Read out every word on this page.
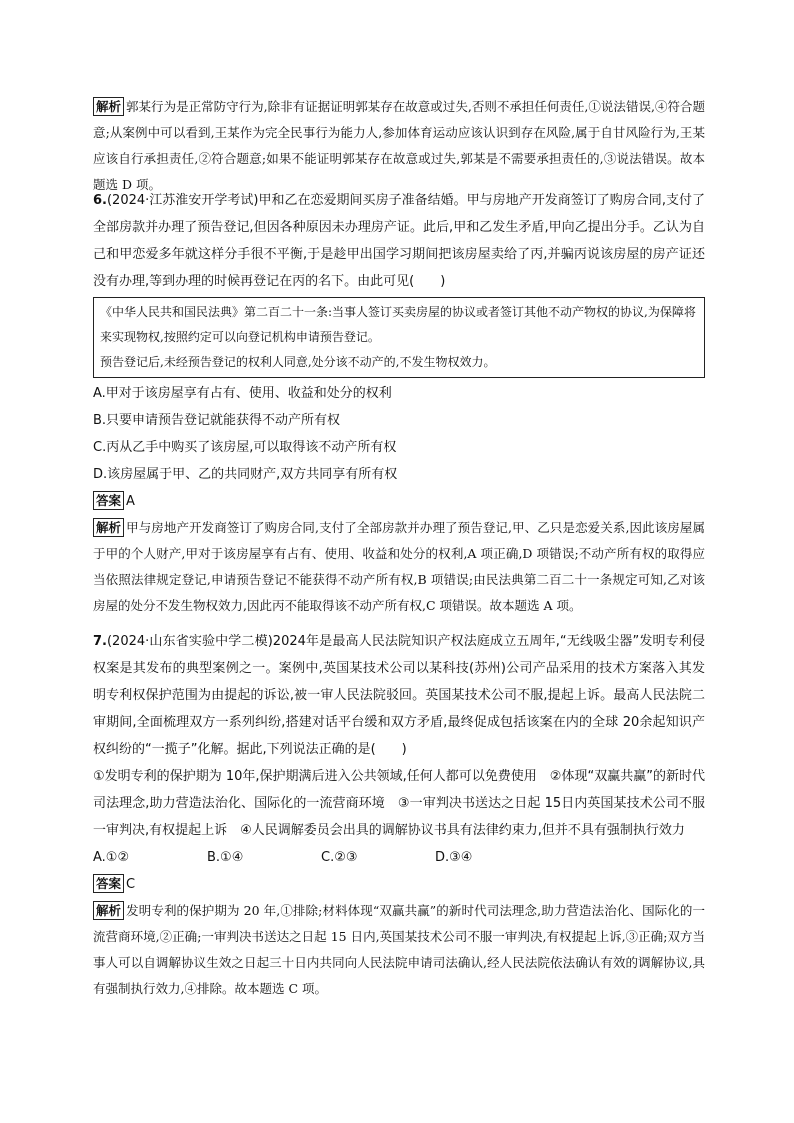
解析 郭某行为是正常防守行为,除非有证据证明郭某存在故意或过失,否则不承担任何责任,①说法错误,④符合题意;从案例中可以看到,王某作为完全民事行为能力人,参加体育运动应该认识到存在风险,属于自甘风险行为,王某应该自行承担责任,②符合题意;如果不能证明郭某存在故意或过失,郭某是不需要承担责任的,③说法错误。故本题选 D 项。

6.(2024·江苏淮安开学考试)甲和乙在恋爱期间买房子准备结婚。甲与房地产开发商签订了购房合同,支付了全部房款并办理了预告登记,但因各种原因未办理房产证。此后,甲和乙发生矛盾,甲向乙提出分手。乙认为自己和甲恋爱多年就这样分手很不平衡,于是趁甲出国学习期间把该房屋卖给了丙,并骗丙说该房屋的房产证还没有办理,等到办理的时候再登记在丙的名下。由此可见(　　)

《中华人民共和国民法典》第二百二十一条:当事人签订买卖房屋的协议或者签订其他不动产物权的协议,为保障将来实现物权,按照约定可以向登记机构申请预告登记。

预告登记后,未经预告登记的权利人同意,处分该不动产的,不发生物权效力。

A.甲对于该房屋享有占有、使用、收益和处分的权利

B.只要申请预告登记就能获得不动产所有权

C.丙从乙手中购买了该房屋,可以取得该不动产所有权

D.该房屋属于甲、乙的共同财产,双方共同享有所有权

答案 A

解析 甲与房地产开发商签订了购房合同,支付了全部房款并办理了预告登记,甲、乙只是恋爱关系,因此该房屋属于甲的个人财产,甲对于该房屋享有占有、使用、收益和处分的权利,A 项正确,D 项错误;不动产所有权的取得应当依照法律规定登记,申请预告登记不能获得不动产所有权,B 项错误;由民法典第二百二十一条规定可知,乙对该房屋的处分不发生物权效力,因此丙不能取得该不动产所有权,C 项错误。故本题选 A 项。

7.(2024·山东省实验中学二模)2024年是最高人民法院知识产权法庭成立五周年,“无线吸尘器”发明专利侵权案是其发布的典型案例之一。案例中,英国某技术公司以某科技(苏州)公司产品采用的技术方案落入其发明专利权保护范围为由提起的诉讼,被一审人民法院驳回。英国某技术公司不服,提起上诉。最高人民法院二审期间,全面梳理双方一系列纠纷,搭建对话平台缓和双方矛盾,最终促成包括该案在内的全球 20余起知识产权纠纷的“一揽子”化解。据此,下列说法正确的是(　　)

①发明专利的保护期为 10年,保护期满后进入公共领域,任何人都可以免费使用　②体现“双赢共赢”的新时代司法理念,助力营造法治化、国际化的一流营商环境　③一审判决书送达之日起 15日内英国某技术公司不服一审判决,有权提起上诉　④人民调解委员会出具的调解协议书具有法律约束力,但并不具有强制执行效力

A.①②	B.①④	C.②③	D.③④

答案 C

解析 发明专利的保护期为 20 年,①排除;材料体现“双赢共赢”的新时代司法理念,助力营造法治化、国际化的一流营商环境,②正确;一审判决书送达之日起 15 日内,英国某技术公司不服一审判决,有权提起上诉,③正确;双方当事人可以自调解协议生效之日起三十日内共同向人民法院申请司法确认,经人民法院依法确认有效的调解协议,具有强制执行效力,④排除。故本题选 C 项。
